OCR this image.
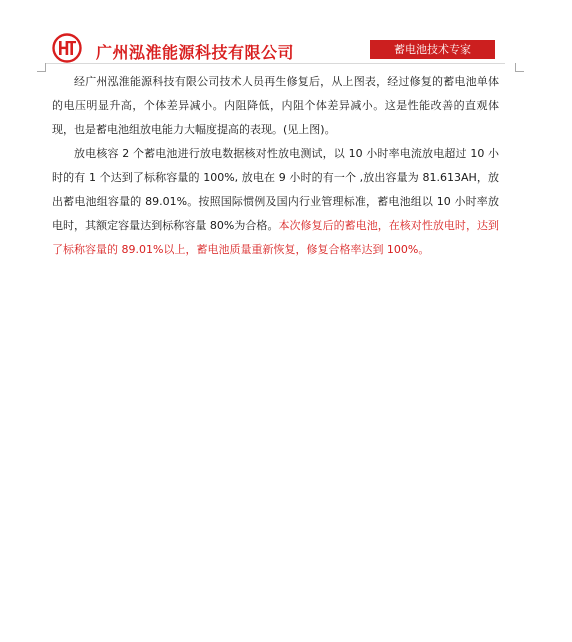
广州泓淮能源科技有限公司	蓄电池技术专家

经广州泓淮能源科技有限公司技术人员再生修复后，从上图表，经过修复的蓄电池单体的电压明显升高，个体差异减小。内阻降低，内阻个体差异减小。这是性能改善的直观体现，也是蓄电池组放电能力大幅度提高的表现。(见上图)。

放电核容 2 个蓄电池进行放电数据核对性放电测试，以 10 小时率电流放电超过 10 小时的有 1 个达到了标称容量的 100%, 放电在 9 小时的有一个 ,放出容量为 81.613AH，放出蓄电池组容量的 89.01%。按照国际惯例及国内行业管理标准，蓄电池组以 10 小时率放电时，其额定容量达到标称容量 80%为合格。本次修复后的蓄电池，在核对性放电时，达到了标称容量的 89.01%以上，蓄电池质量重新恢复，修复合格率达到 100%。
